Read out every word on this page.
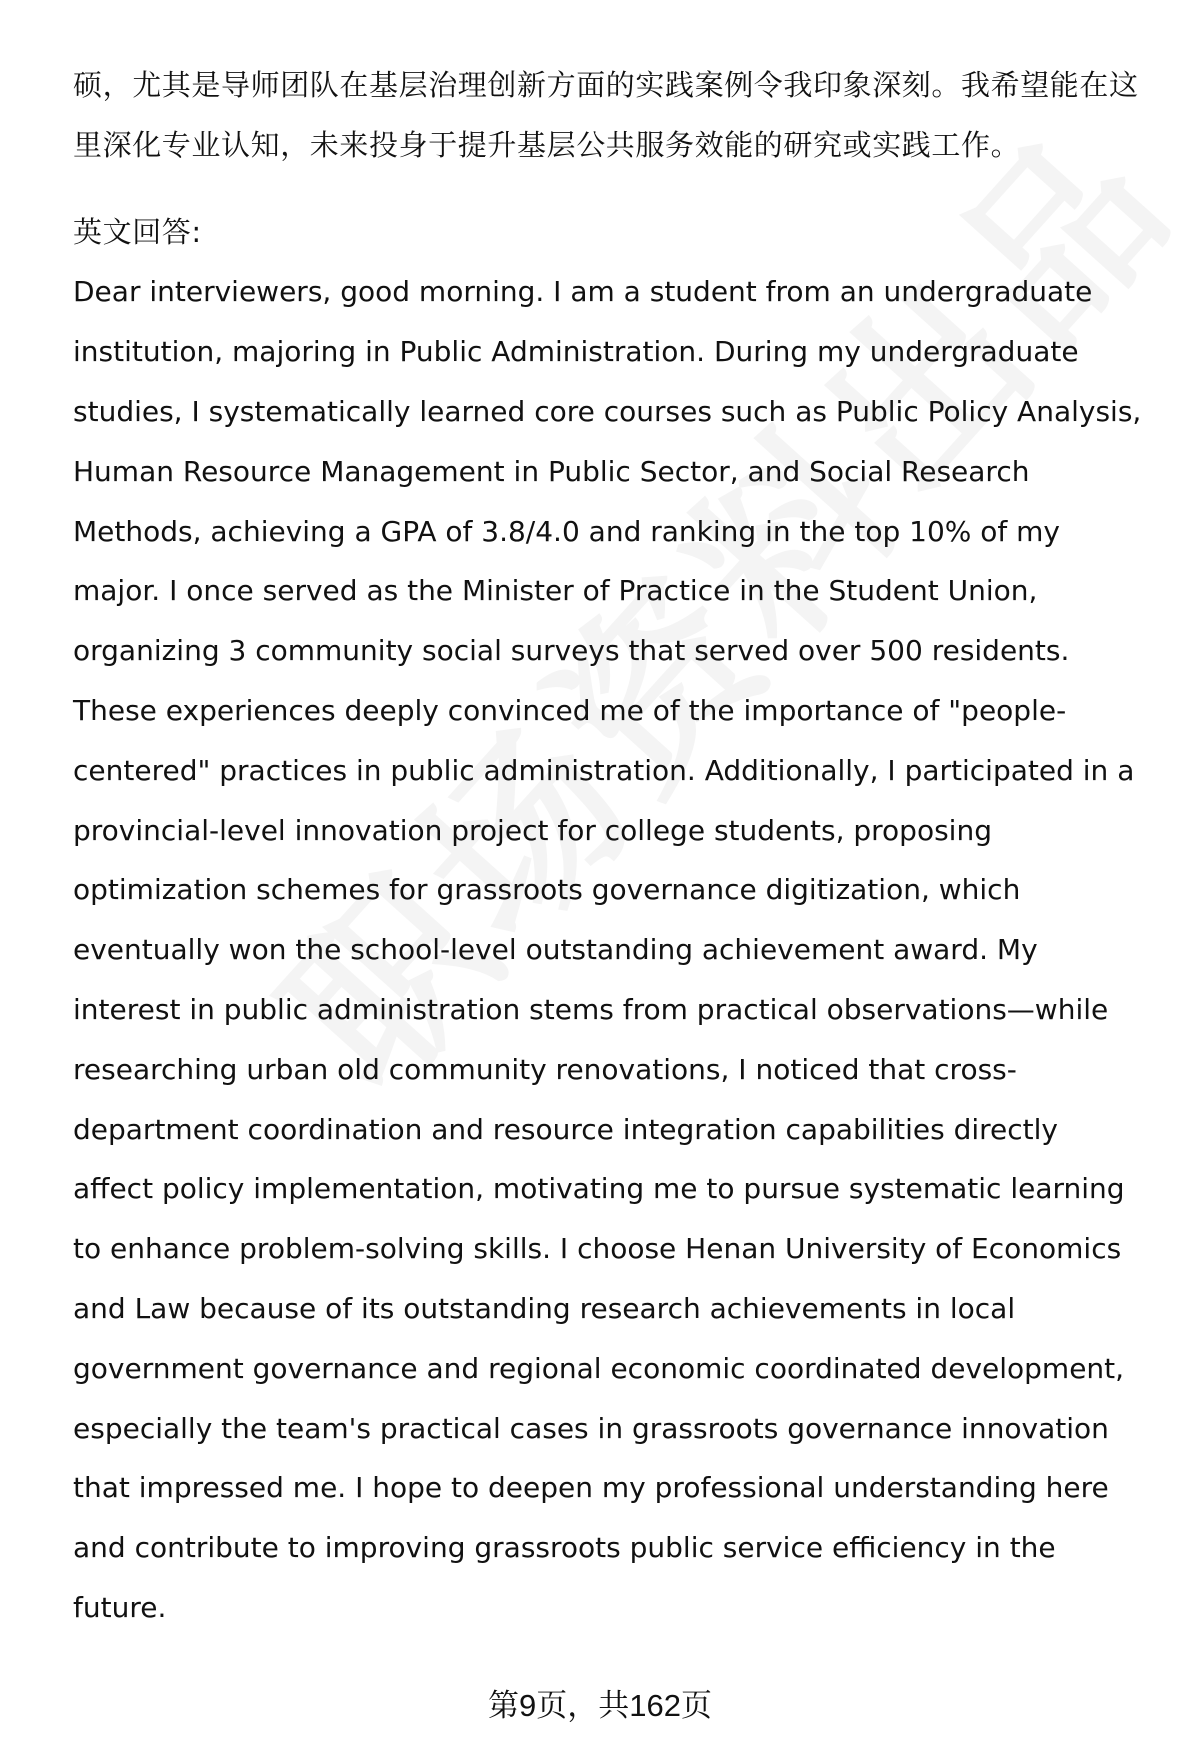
硕，尤其是导师团队在基层治理创新方面的实践案例令我印象深刻。我希望能在这
里深化专业认知，未来投身于提升基层公共服务效能的研究或实践工作。
英文回答:
Dear interviewers, good morning. I am a student from an undergraduate
institution, majoring in Public Administration. During my undergraduate
studies, I systematically learned core courses such as Public Policy Analysis,
Human Resource Management in Public Sector, and Social Research
Methods, achieving a GPA of 3.8/4.0 and ranking in the top 10% of my
major. I once served as the Minister of Practice in the Student Union,
organizing 3 community social surveys that served over 500 residents.
These experiences deeply convinced me of the importance of "people-
centered" practices in public administration. Additionally, I participated in a
provincial-level innovation project for college students, proposing
optimization schemes for grassroots governance digitization, which
eventually won the school-level outstanding achievement award. My
interest in public administration stems from practical observations—while
researching urban old community renovations, I noticed that cross-
department coordination and resource integration capabilities directly
affect policy implementation, motivating me to pursue systematic learning
to enhance problem-solving skills. I choose Henan University of Economics
and Law because of its outstanding research achievements in local
government governance and regional economic coordinated development,
especially the team's practical cases in grassroots governance innovation
that impressed me. I hope to deepen my professional understanding here
and contribute to improving grassroots public service efficiency in the
future.
第9页，共162页
